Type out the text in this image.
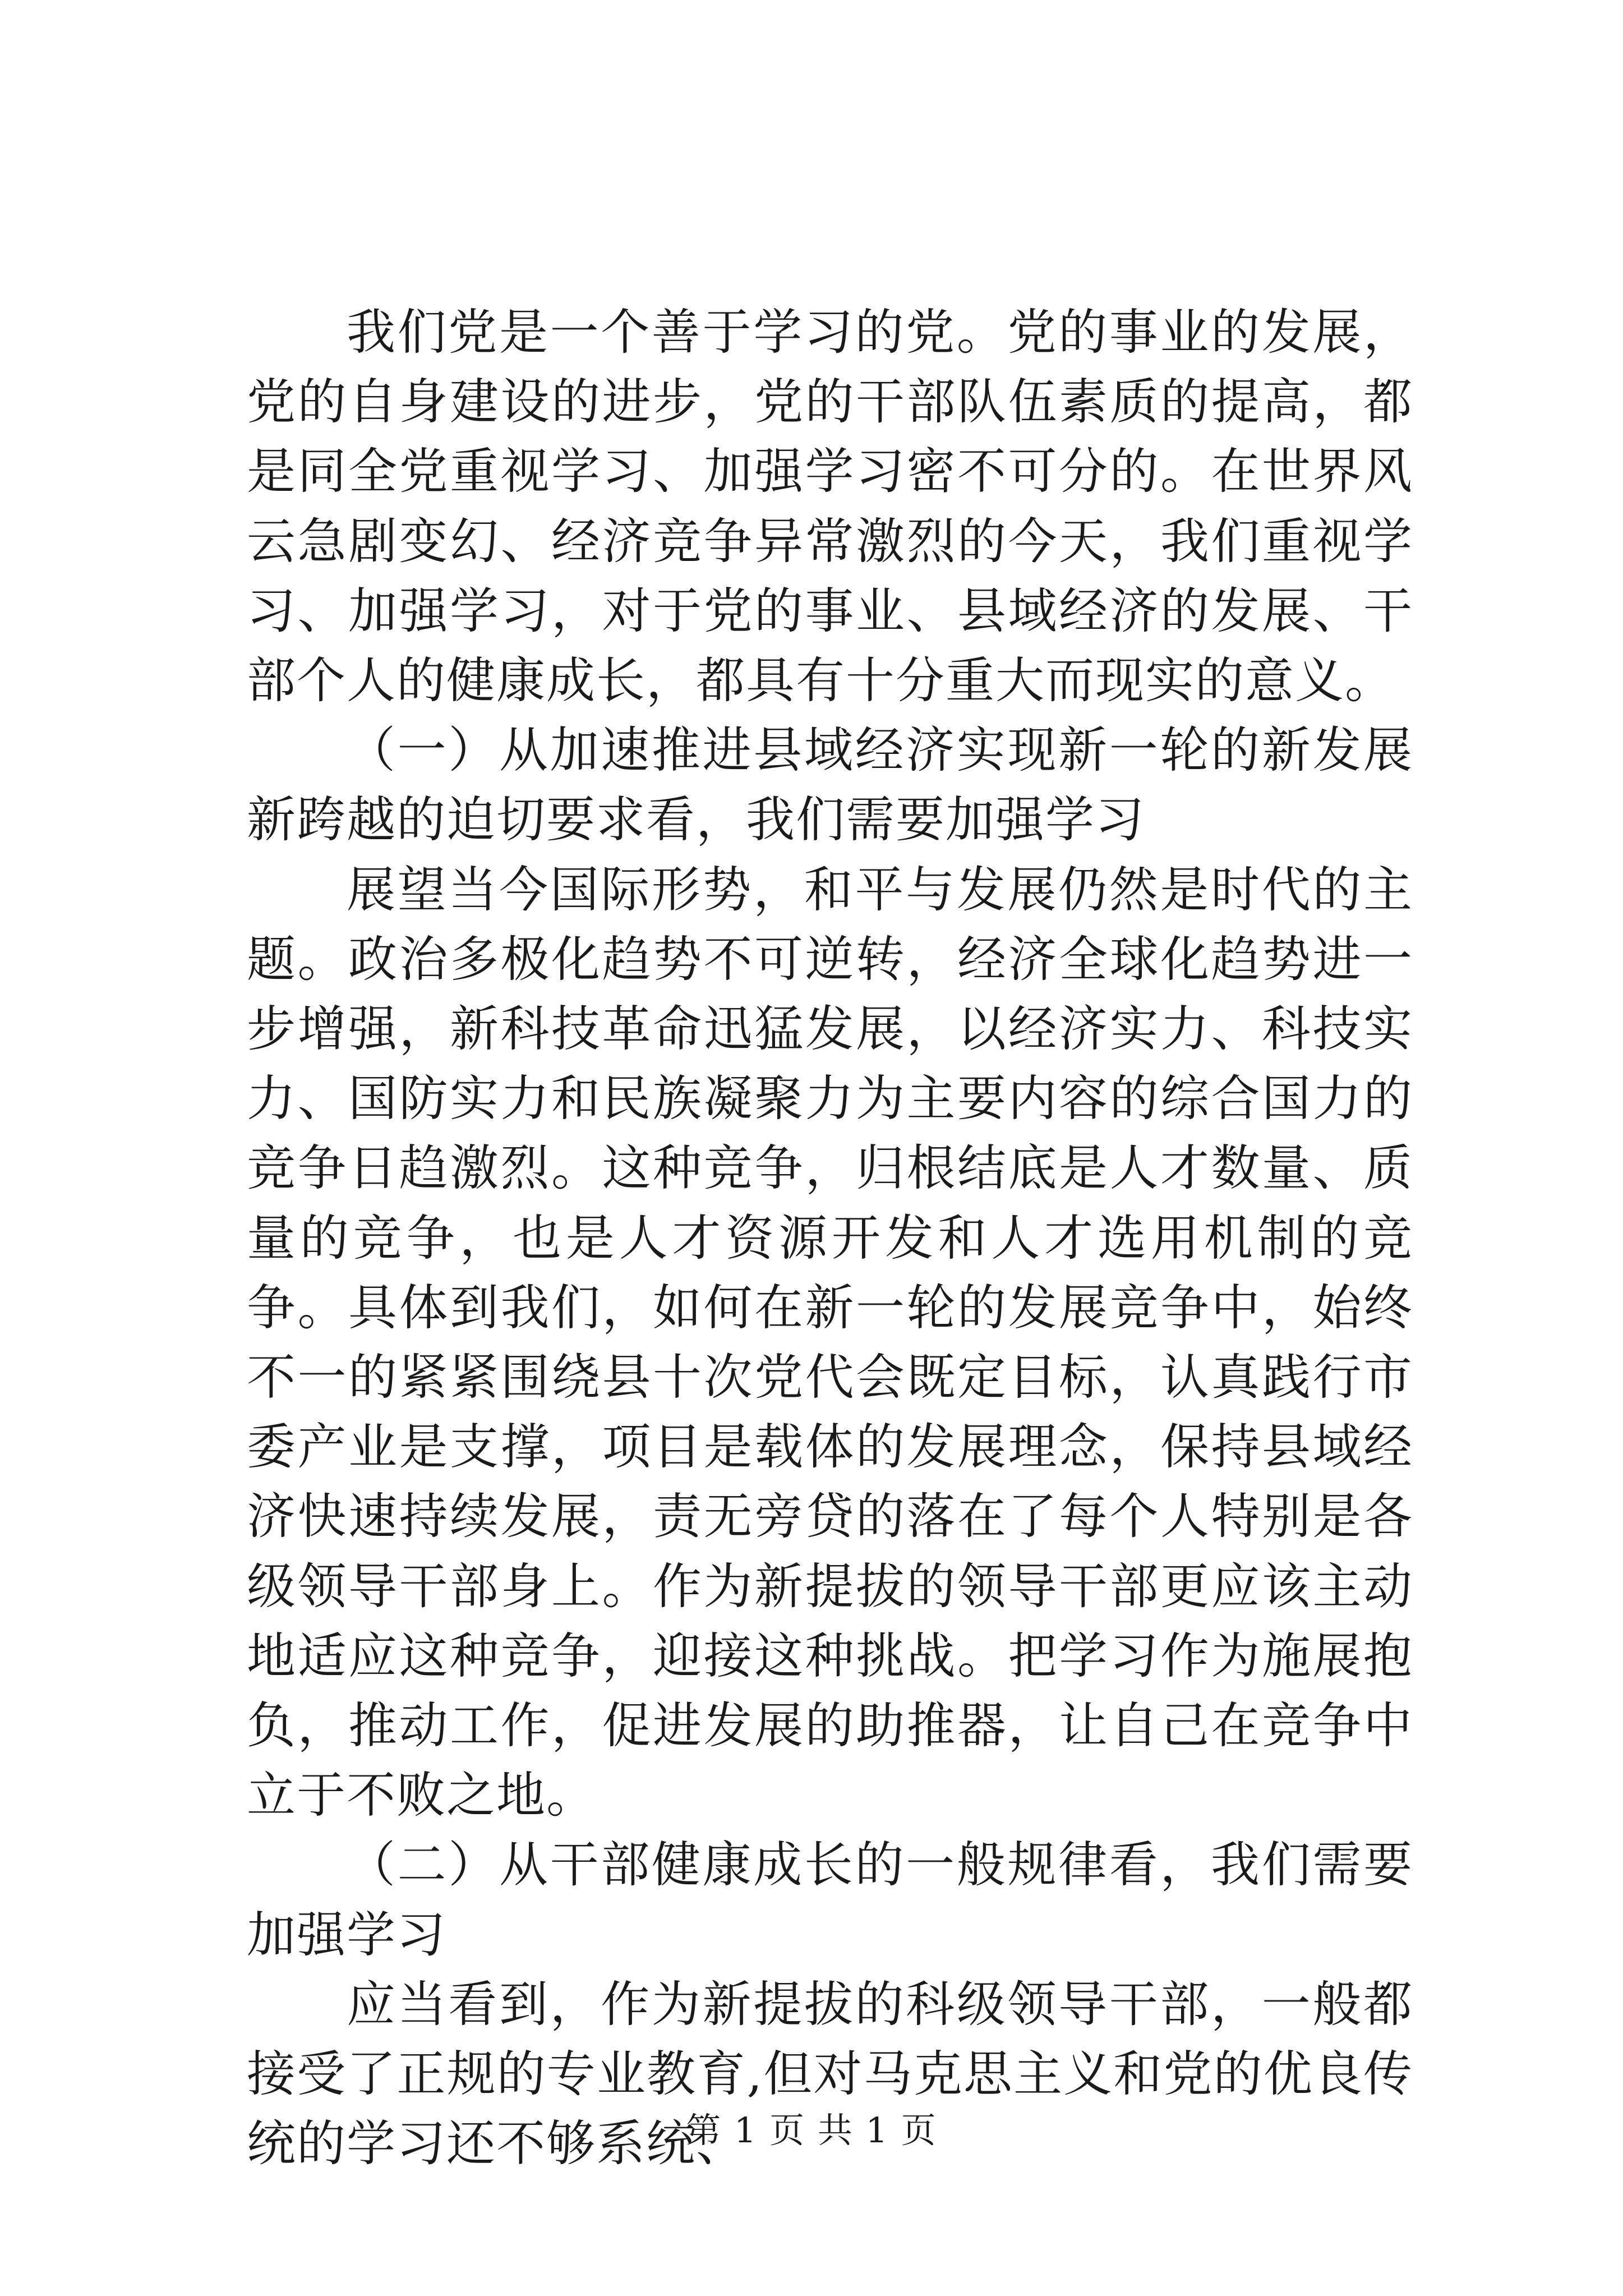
我们党是一个善于学习的党。党的事业的发展，党的自身建设的进步，党的干部队伍素质的提高，都是同全党重视学习、加强学习密不可分的。在世界风云急剧变幻、经济竞争异常激烈的今天，我们重视学习、加强学习，对于党的事业、县域经济的发展、干部个人的健康成长，都具有十分重大而现实的意义。

（一）从加速推进县域经济实现新一轮的新发展新跨越的迫切要求看，我们需要加强学习

展望当今国际形势，和平与发展仍然是时代的主题。政治多极化趋势不可逆转，经济全球化趋势进一步增强，新科技革命迅猛发展，以经济实力、科技实力、国防实力和民族凝聚力为主要内容的综合国力的竞争日趋激烈。这种竞争，归根结底是人才数量、质量的竞争，也是人才资源开发和人才选用机制的竞争。具体到我们，如何在新一轮的发展竞争中，始终不一的紧紧围绕县十次党代会既定目标，认真践行市委产业是支撑，项目是载体的发展理念，保持县域经济快速持续发展，责无旁贷的落在了每个人特别是各级领导干部身上。作为新提拔的领导干部更应该主动地适应这种竞争，迎接这种挑战。把学习作为施展抱负，推动工作，促进发展的助推器，让自己在竞争中立于不败之地。

（二）从干部健康成长的一般规律看，我们需要加强学习

应当看到，作为新提拔的科级领导干部，一般都接受了正规的专业教育,但对马克思主义和党的优良传统的学习还不够系统、

第 1 页 共 1 页
